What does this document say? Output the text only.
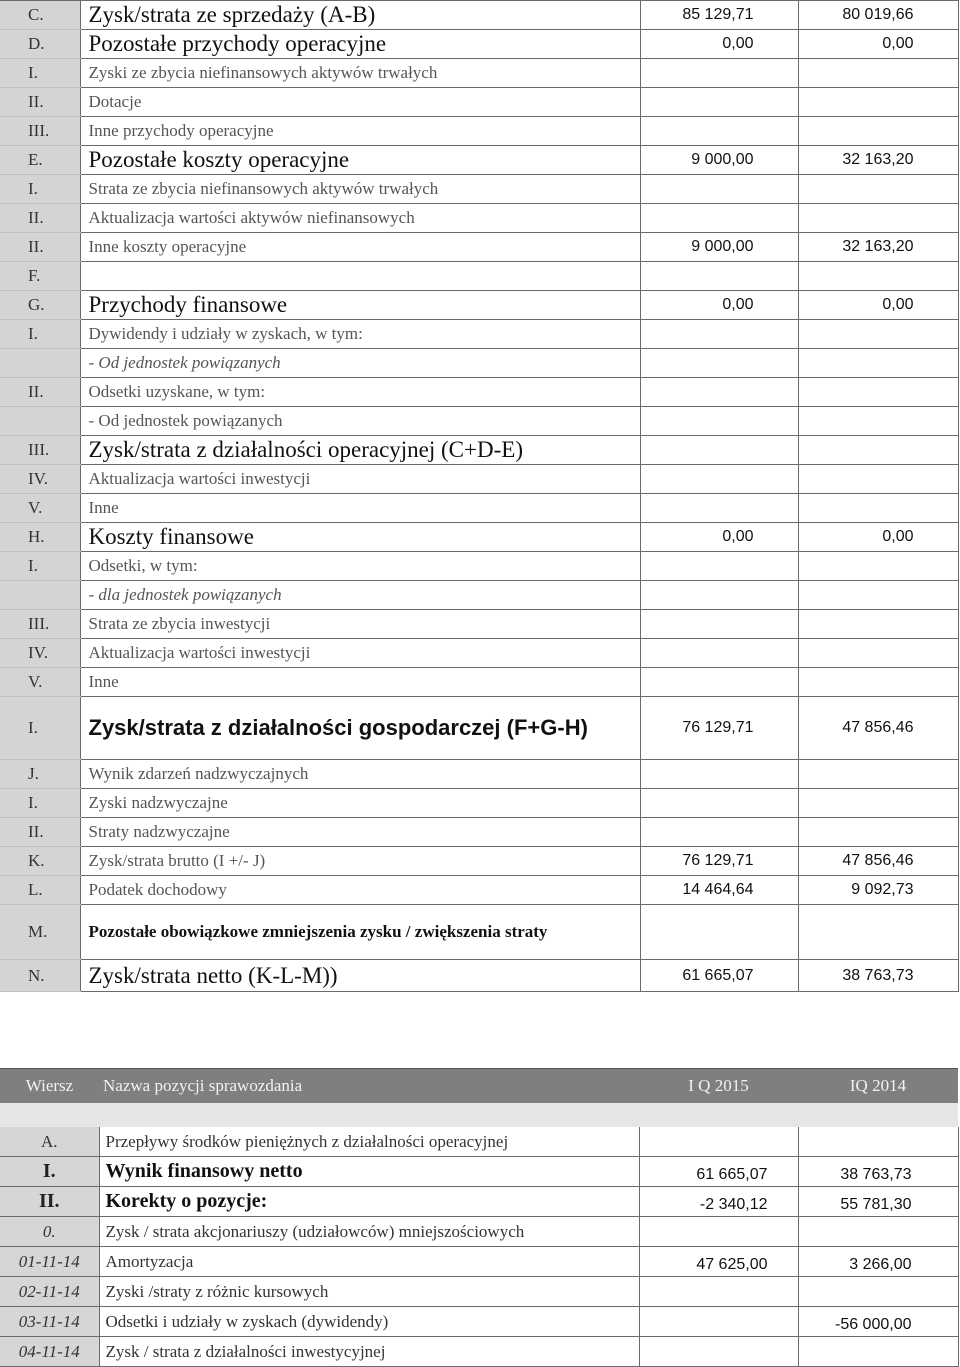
C.	Zysk/strata ze sprzedaży (A-B)	85 129,71	80 019,66
D.	Pozostałe przychody operacyjne	0,00	0,00
I.	Zyski ze zbycia niefinansowych aktywów trwałych		
II.	Dotacje		
III.	Inne przychody operacyjne		
E.	Pozostałe koszty operacyjne	9 000,00	32 163,20
I.	Strata ze zbycia niefinansowych aktywów trwałych		
II.	Aktualizacja wartości aktywów niefinansowych		
II.	Inne koszty operacyjne	9 000,00	32 163,20
F.			
G.	Przychody finansowe	0,00	0,00
I.	Dywidendy i udziały w zyskach, w tym:		
	- Od jednostek powiązanych		
II.	Odsetki uzyskane, w tym:		
	- Od jednostek powiązanych		
III.	Zysk/strata z działalności operacyjnej (C+D-E)		
IV.	Aktualizacja wartości inwestycji		
V.	Inne		
H.	Koszty finansowe	0,00	0,00
I.	Odsetki, w tym:		
	- dla jednostek powiązanych		
III.	Strata ze zbycia inwestycji		
IV.	Aktualizacja wartości inwestycji		
V.	Inne		
I.	Zysk/strata z działalności gospodarczej (F+G-H)	76 129,71	47 856,46
J.	Wynik zdarzeń nadzwyczajnych		
I.	Zyski nadzwyczajne		
II.	Straty nadzwyczajne		
K.	Zysk/strata brutto (I +/- J)	76 129,71	47 856,46
L.	Podatek dochodowy	14 464,64	9 092,73
M.	Pozostałe obowiązkowe zmniejszenia zysku / zwiększenia straty		
N.	Zysk/strata netto (K-L-M))	61 665,07	38 763,73
Wiersz	Nazwa pozycji sprawozdania	I Q 2015	IQ 2014

A.	Przepływy środków pieniężnych z działalności operacyjnej		
I.	Wynik finansowy netto	61 665,07	38 763,73
II.	Korekty o pozycje:	-2 340,12	55 781,30
0.	Zysk / strata akcjonariuszy (udziałowców) mniejszościowych		
01-11-14	Amortyzacja	47 625,00	3 266,00
02-11-14	Zyski /straty z różnic kursowych		
03-11-14	Odsetki i udziały w zyskach (dywidendy)		-56 000,00
04-11-14	Zysk / strata z działalności inwestycyjnej		
